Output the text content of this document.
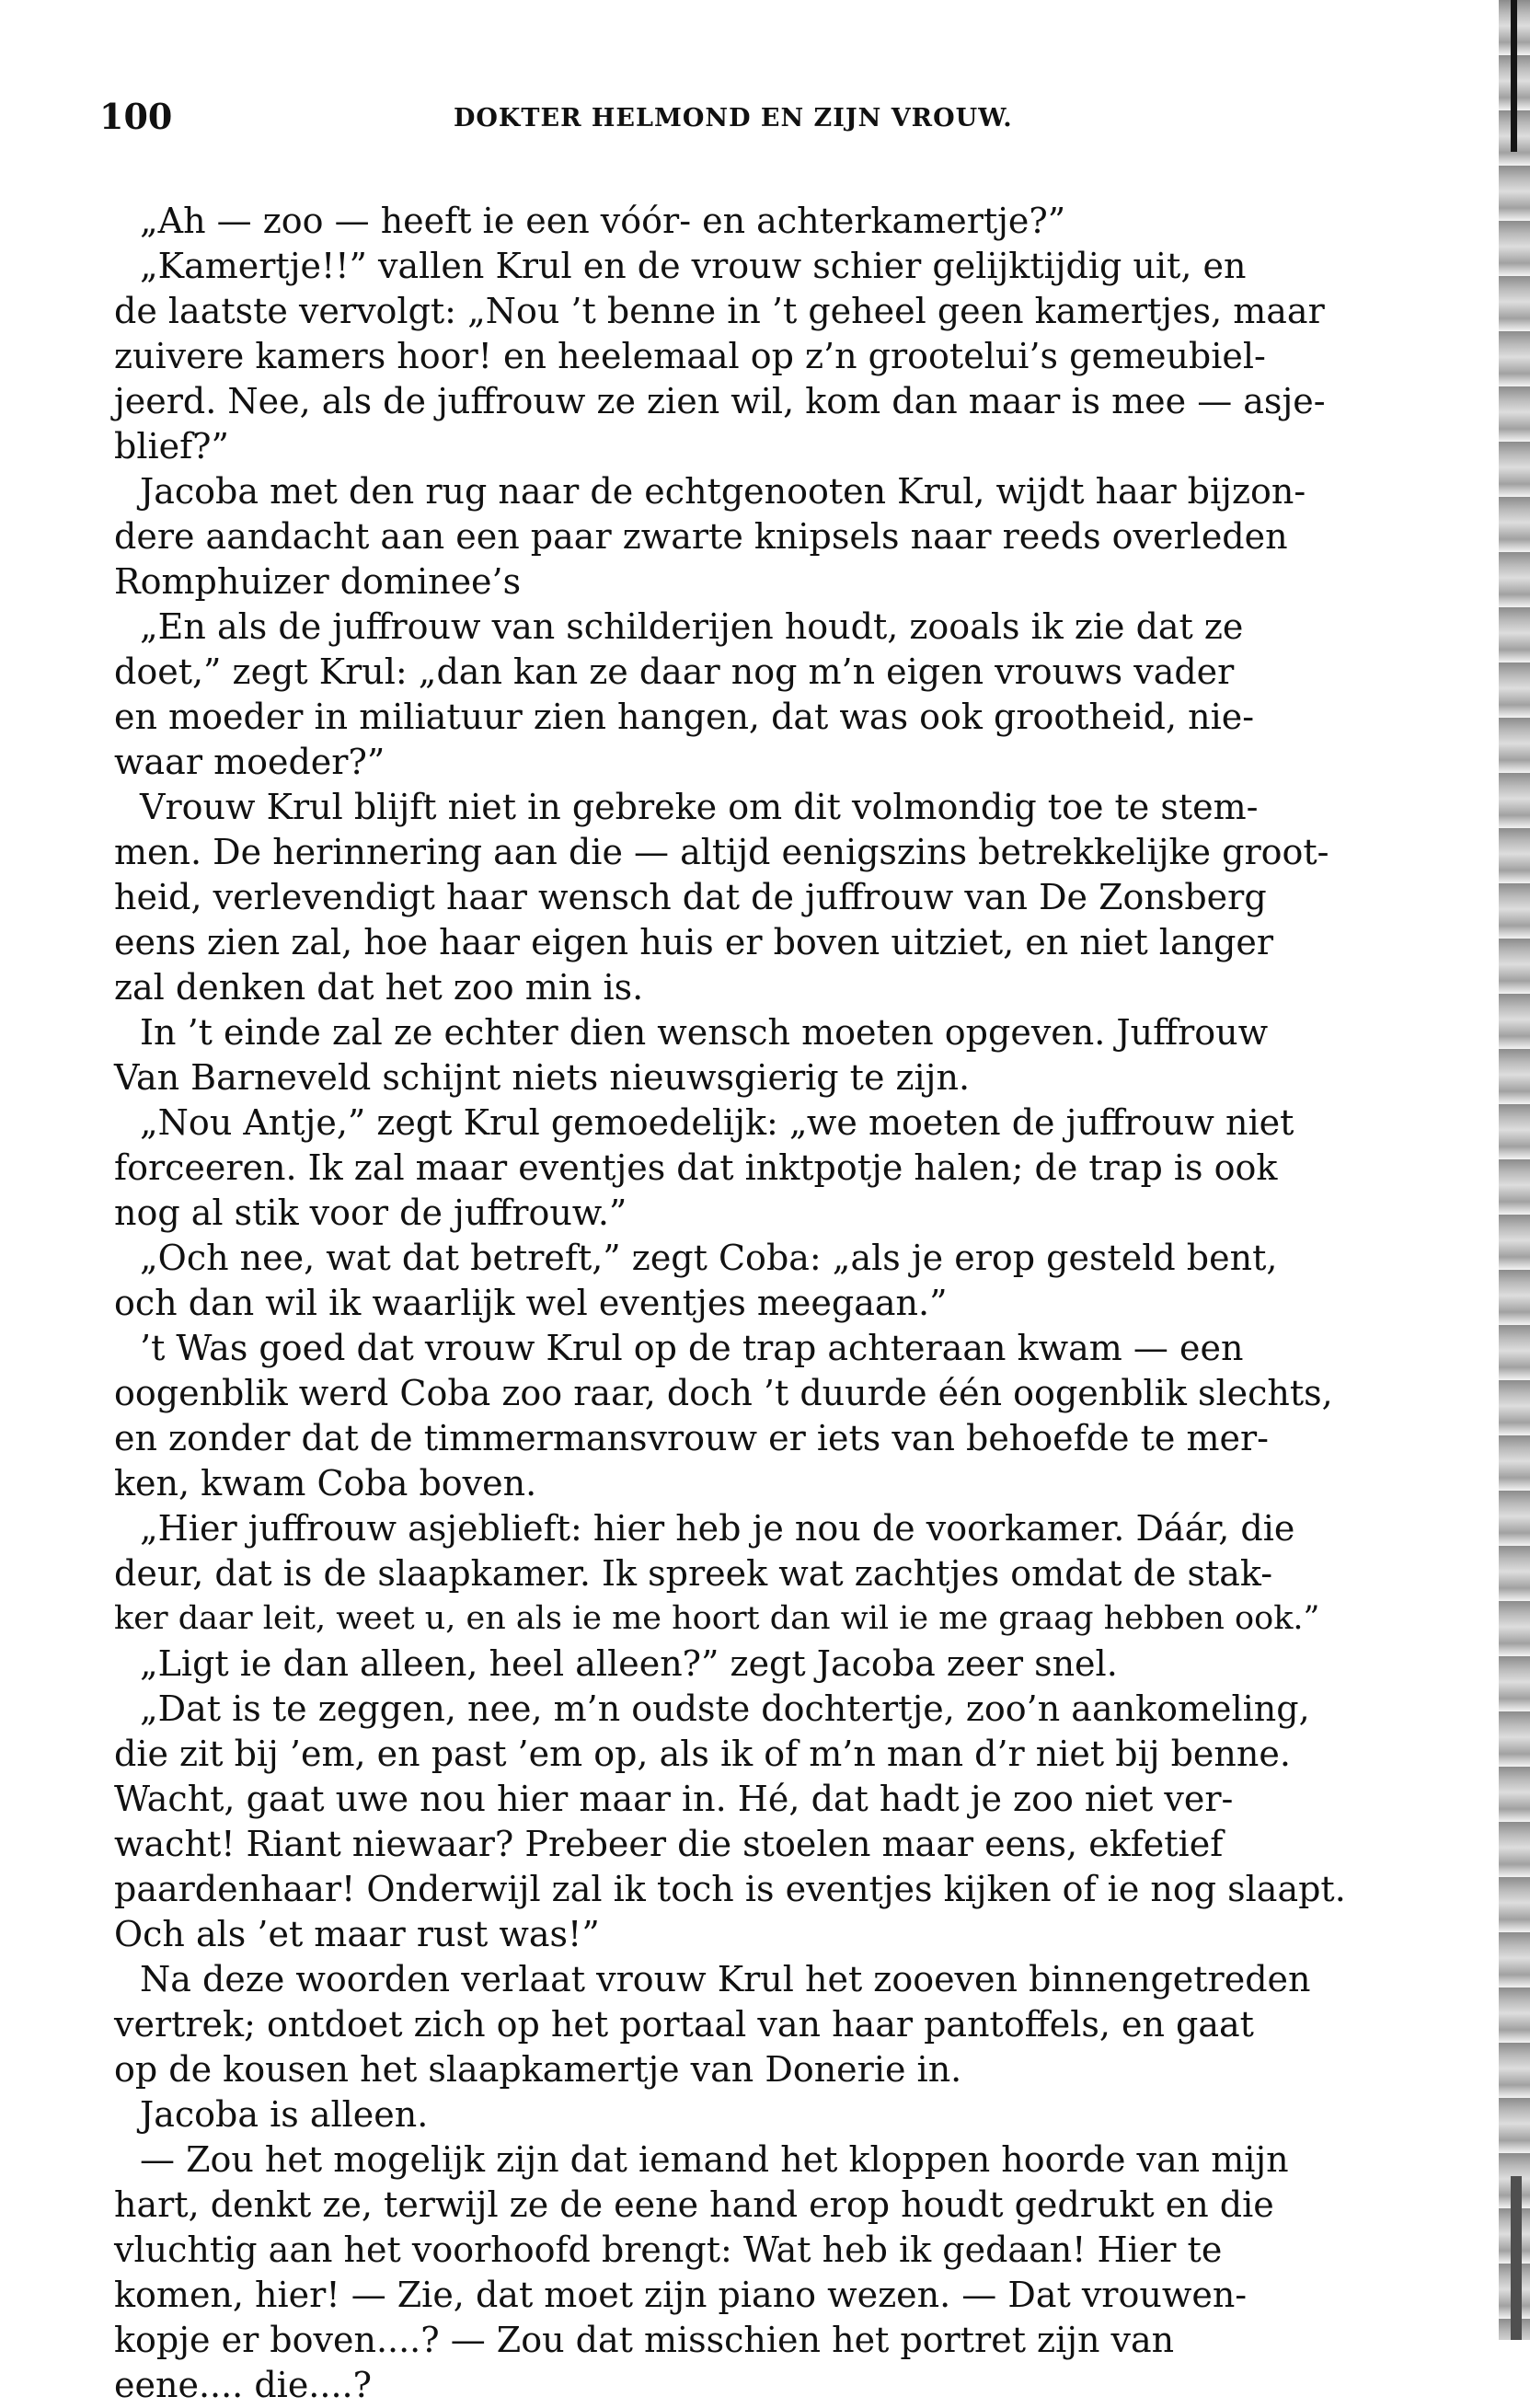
100	DOKTER HELMOND EN ZIJN VROUW.
„Ah — zoo — heeft ie een vóór- en achterkamertje?”
„Kamertje!!” vallen Krul en de vrouw schier gelijktijdig uit, en
de laatste vervolgt: „Nou ’t benne in ’t geheel geen kamertjes, maar
zuivere kamers hoor! en heelemaal op z’n grootelui’s gemeubiel-
jeerd. Nee, als de juffrouw ze zien wil, kom dan maar is mee — asje-
blief?”
Jacoba met den rug naar de echtgenooten Krul, wijdt haar bijzon-
dere aandacht aan een paar zwarte knipsels naar reeds overleden
Romphuizer dominee’s
„En als de juffrouw van schilderijen houdt, zooals ik zie dat ze
doet,” zegt Krul: „dan kan ze daar nog m’n eigen vrouws vader
en moeder in miliatuur zien hangen, dat was ook grootheid, nie-
waar moeder?”
Vrouw Krul blijft niet in gebreke om dit volmondig toe te stem-
men. De herinnering aan die — altijd eenigszins betrekkelijke groot-
heid, verlevendigt haar wensch dat de juffrouw van De Zonsberg
eens zien zal, hoe haar eigen huis er boven uitziet, en niet langer
zal denken dat het zoo min is.
In ’t einde zal ze echter dien wensch moeten opgeven. Juffrouw
Van Barneveld schijnt niets nieuwsgierig te zijn.
„Nou Antje,” zegt Krul gemoedelijk: „we moeten de juffrouw niet
forceeren. Ik zal maar eventjes dat inktpotje halen; de trap is ook
nog al stik voor de juffrouw.”
„Och nee, wat dat betreft,” zegt Coba: „als je erop gesteld bent,
och dan wil ik waarlijk wel eventjes meegaan.”
’t Was goed dat vrouw Krul op de trap achteraan kwam — een
oogenblik werd Coba zoo raar, doch ’t duurde één oogenblik slechts,
en zonder dat de timmermansvrouw er iets van behoefde te mer-
ken, kwam Coba boven.
„Hier juffrouw asjeblieft: hier heb je nou de voorkamer. Dáár, die
deur, dat is de slaapkamer. Ik spreek wat zachtjes omdat de stak-
ker daar leit, weet u, en als ie me hoort dan wil ie me graag hebben ook.”
„Ligt ie dan alleen, heel alleen?” zegt Jacoba zeer snel.
„Dat is te zeggen, nee, m’n oudste dochtertje, zoo’n aankomeling,
die zit bij ’em, en past ’em op, als ik of m’n man d’r niet bij benne.
Wacht, gaat uwe nou hier maar in. Hé, dat hadt je zoo niet ver-
wacht! Riant niewaar? Prebeer die stoelen maar eens, ekfetief
paardenhaar! Onderwijl zal ik toch is eventjes kijken of ie nog slaapt.
Och als ’et maar rust was!”
Na deze woorden verlaat vrouw Krul het zooeven binnengetreden
vertrek; ontdoet zich op het portaal van haar pantoffels, en gaat
op de kousen het slaapkamertje van Donerie in.
Jacoba is alleen.
— Zou het mogelijk zijn dat iemand het kloppen hoorde van mijn
hart, denkt ze, terwijl ze de eene hand erop houdt gedrukt en die
vluchtig aan het voorhoofd brengt: Wat heb ik gedaan! Hier te
komen, hier! — Zie, dat moet zijn piano wezen. — Dat vrouwen-
kopje er boven....? — Zou dat misschien het portret zijn van
eene.... die....?
